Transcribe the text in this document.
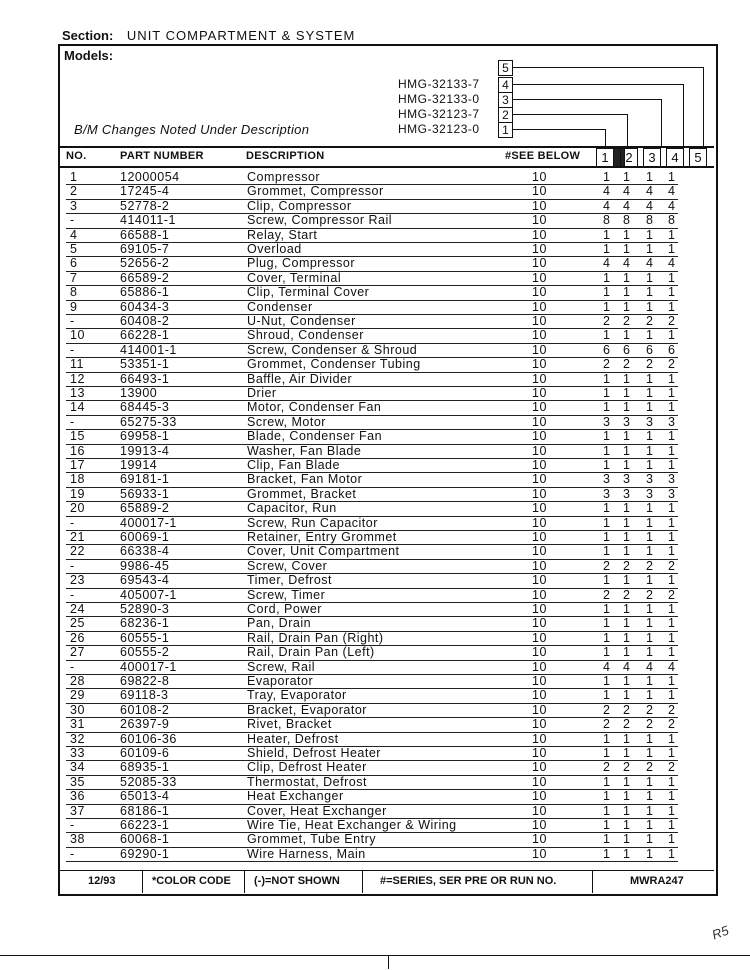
Section: UNIT COMPARTMENT & SYSTEM
Models:
B/M Changes Noted Under Description
5
HMG-32133-7	4
HMG-32133-0	3
HMG-32123-7	2
HMG-32123-0	1
NO.	PART NUMBER	DESCRIPTION	#SEE BELOW	1	2	3	4	5
1	12000054	Compressor	10	1 1 1 1
2	17245-4	Grommet, Compressor	10	4 4 4 4
3	52778-2	Clip, Compressor	10	4 4 4 4
-	414011-1	Screw, Compressor Rail	10	8 8 8 8
4	66588-1	Relay, Start	10	1 1 1 1
5	69105-7	Overload	10	1 1 1 1
6	52656-2	Plug, Compressor	10	4 4 4 4
7	66589-2	Cover, Terminal	10	1 1 1 1
8	65886-1	Clip, Terminal Cover	10	1 1 1 1
9	60434-3	Condenser	10	1 1 1 1
-	60408-2	U-Nut, Condenser	10	2 2 2 2
10	66228-1	Shroud, Condenser	10	1 1 1 1
-	414001-1	Screw, Condenser & Shroud	10	6 6 6 6
11	53351-1	Grommet, Condenser Tubing	10	2 2 2 2
12	66493-1	Baffle, Air Divider	10	1 1 1 1
13	13900	Drier	10	1 1 1 1
14	68445-3	Motor, Condenser Fan	10	1 1 1 1
-	65275-33	Screw, Motor	10	3 3 3 3
15	69958-1	Blade, Condenser Fan	10	1 1 1 1
16	19913-4	Washer, Fan Blade	10	1 1 1 1
17	19914	Clip, Fan Blade	10	1 1 1 1
18	69181-1	Bracket, Fan Motor	10	3 3 3 3
19	56933-1	Grommet, Bracket	10	3 3 3 3
20	65889-2	Capacitor, Run	10	1 1 1 1
-	400017-1	Screw, Run Capacitor	10	1 1 1 1
21	60069-1	Retainer, Entry Grommet	10	1 1 1 1
22	66338-4	Cover, Unit Compartment	10	1 1 1 1
-	9986-45	Screw, Cover	10	2 2 2 2
23	69543-4	Timer, Defrost	10	1 1 1 1
-	405007-1	Screw, Timer	10	2 2 2 2
24	52890-3	Cord, Power	10	1 1 1 1
25	68236-1	Pan, Drain	10	1 1 1 1
26	60555-1	Rail, Drain Pan (Right)	10	1 1 1 1
27	60555-2	Rail, Drain Pan (Left)	10	1 1 1 1
-	400017-1	Screw, Rail	10	4 4 4 4
28	69822-8	Evaporator	10	1 1 1 1
29	69118-3	Tray, Evaporator	10	1 1 1 1
30	60108-2	Bracket, Evaporator	10	2 2 2 2
31	26397-9	Rivet, Bracket	10	2 2 2 2
32	60106-36	Heater, Defrost	10	1 1 1 1
33	60109-6	Shield, Defrost Heater	10	1 1 1 1
34	68935-1	Clip, Defrost Heater	10	2 2 2 2
35	52085-33	Thermostat, Defrost	10	1 1 1 1
36	65013-4	Heat Exchanger	10	1 1 1 1
37	68186-1	Cover, Heat Exchanger	10	1 1 1 1
-	66223-1	Wire Tie, Heat Exchanger & Wiring	10	1 1 1 1
38	60068-1	Grommet, Tube Entry	10	1 1 1 1
-	69290-1	Wire Harness, Main	10	1 1 1 1
12/93	*COLOR CODE (-)=NOT SHOWN	#=SERIES, SER PRE OR RUN NO.	MWRA247
R5
